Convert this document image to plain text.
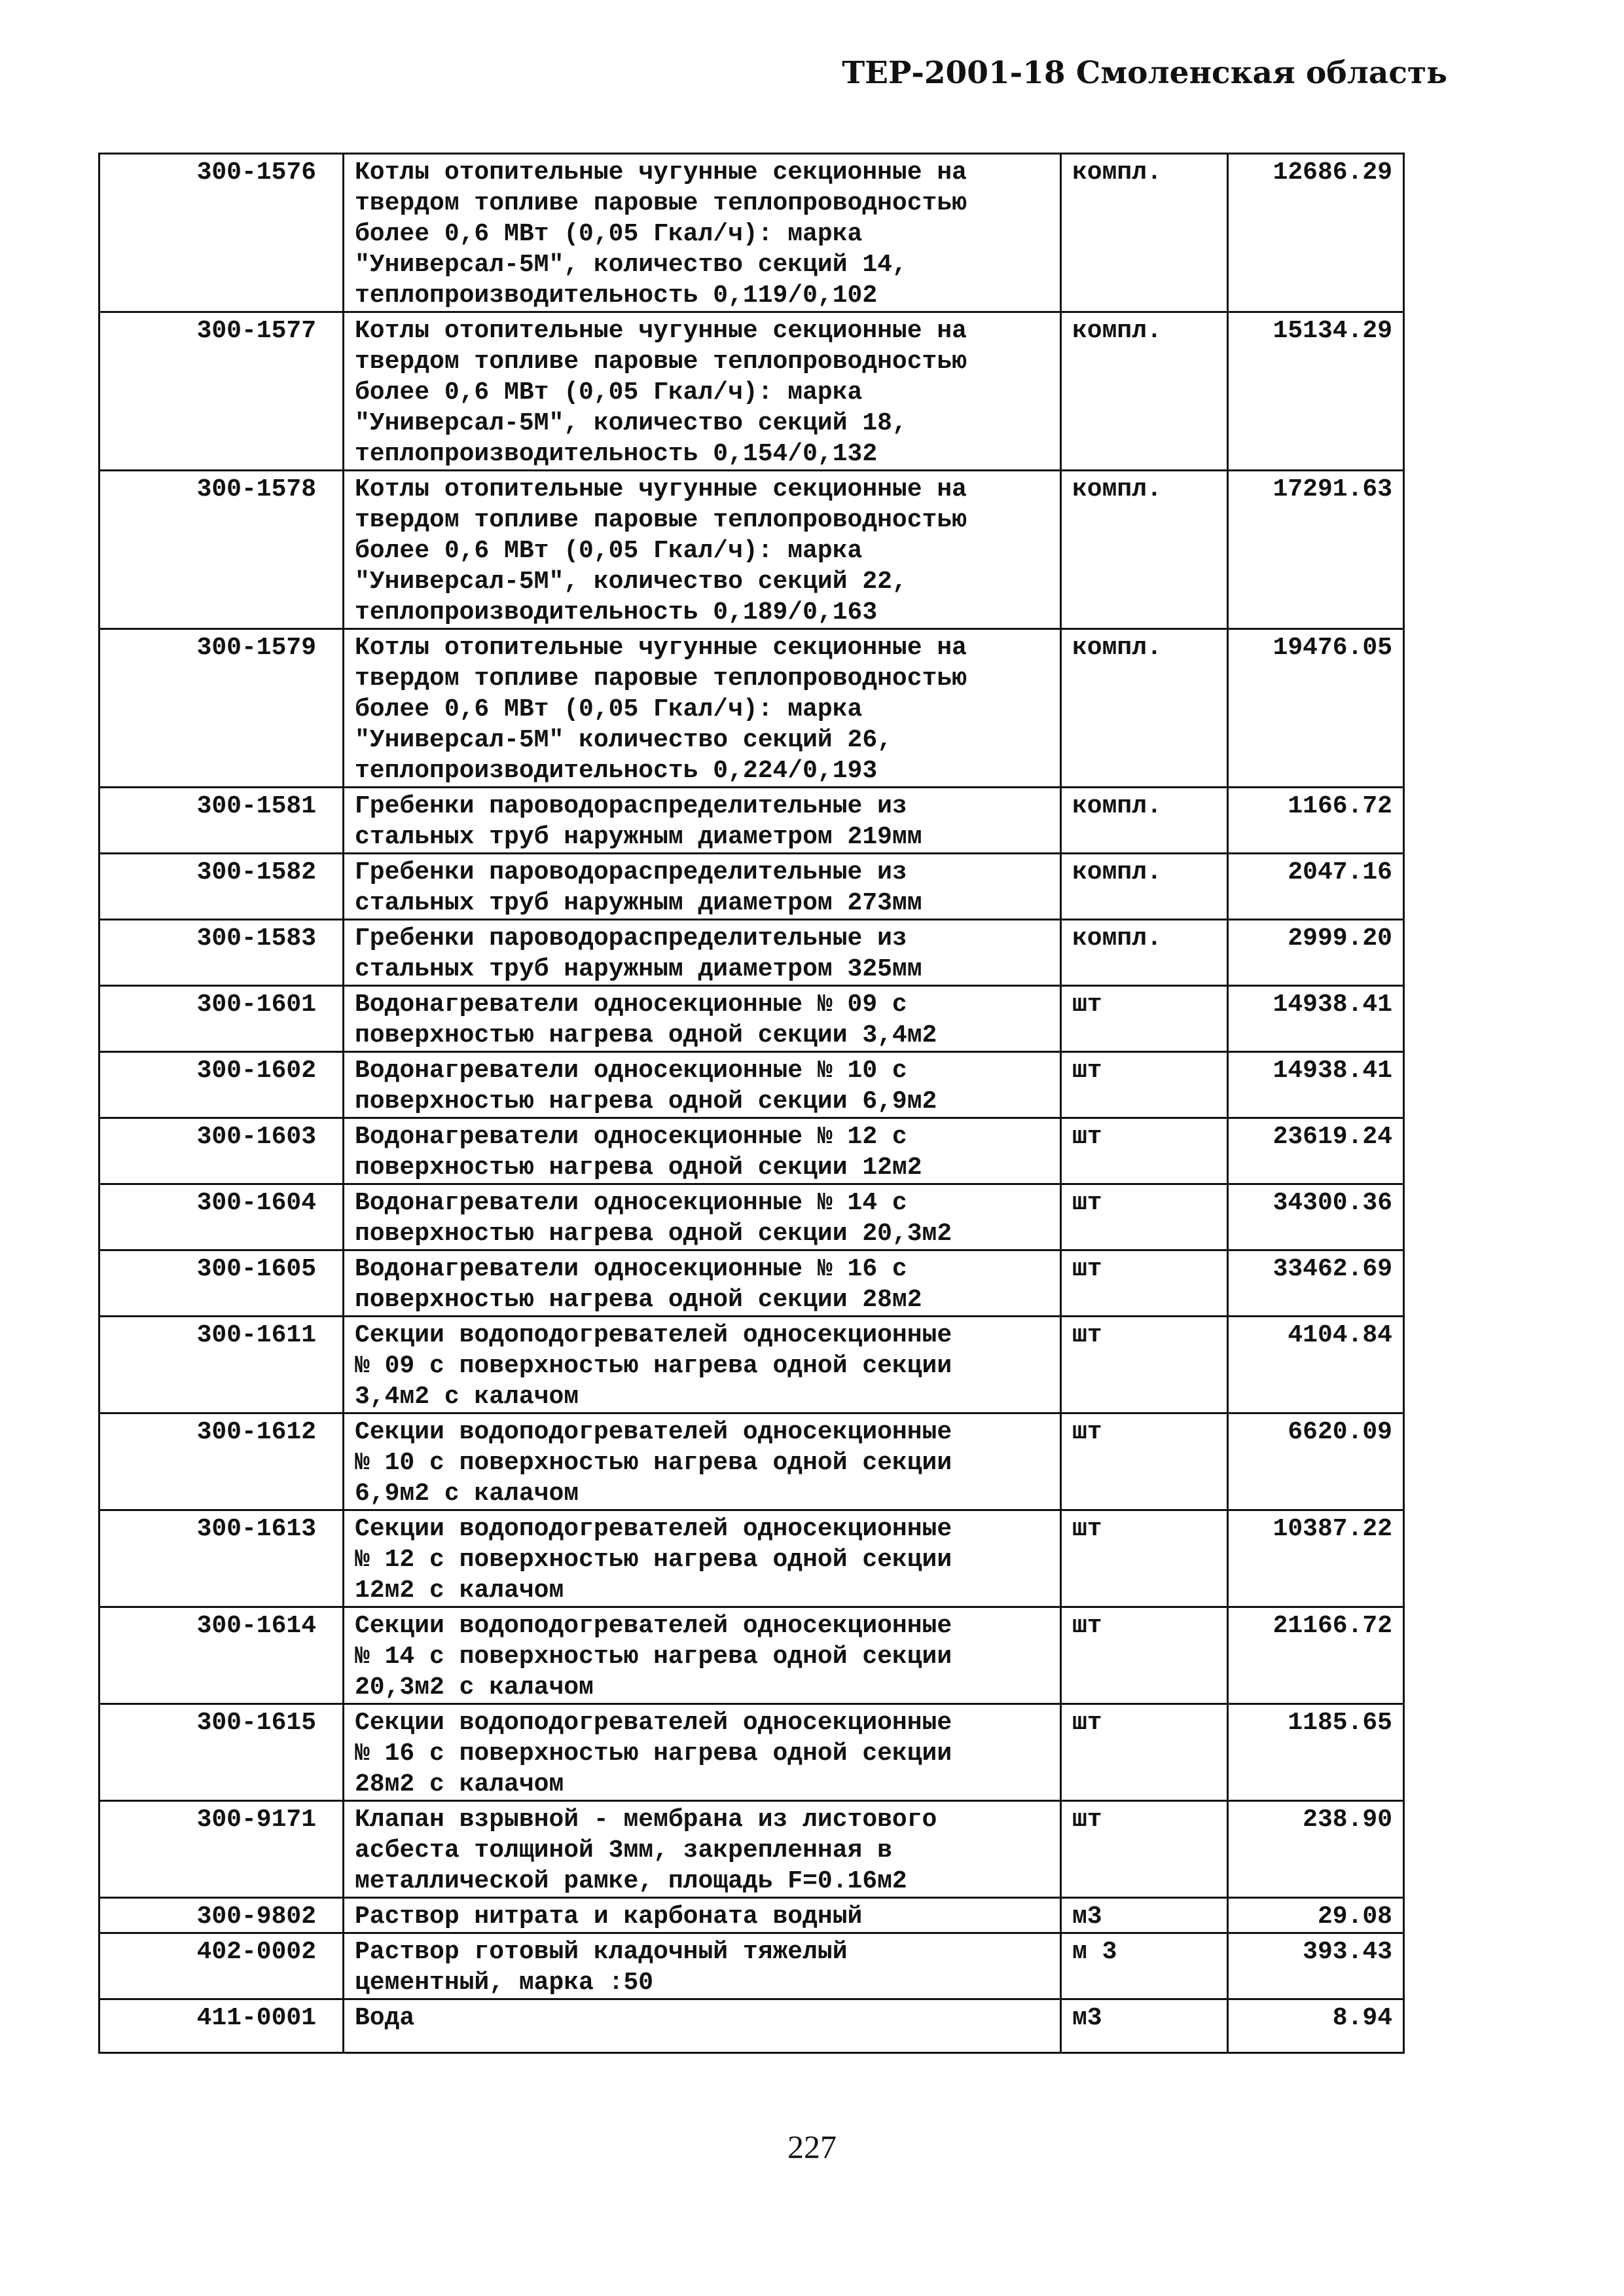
ТЕР-2001-18 Смоленская область
300-1576	Котлы отопительные чугунные секционные на
твердом топливе паровые теплопроводностью
более 0,6 МВт (0,05 Гкал/ч): марка
"Универсал-5М", количество секций 14,
теплопроизводительность 0,119/0,102	компл.	12686.29
300-1577	Котлы отопительные чугунные секционные на
твердом топливе паровые теплопроводностью
более 0,6 МВт (0,05 Гкал/ч): марка
"Универсал-5М", количество секций 18,
теплопроизводительность 0,154/0,132	компл.	15134.29
300-1578	Котлы отопительные чугунные секционные на
твердом топливе паровые теплопроводностью
более 0,6 МВт (0,05 Гкал/ч): марка
"Универсал-5М", количество секций 22,
теплопроизводительность 0,189/0,163	компл.	17291.63
300-1579	Котлы отопительные чугунные секционные на
твердом топливе паровые теплопроводностью
более 0,6 МВт (0,05 Гкал/ч): марка
"Универсал-5М" количество секций 26,
теплопроизводительность 0,224/0,193	компл.	19476.05
300-1581	Гребенки пароводораспределительные из
стальных труб наружным диаметром 219мм	компл.	1166.72
300-1582	Гребенки пароводораспределительные из
стальных труб наружным диаметром 273мм	компл.	2047.16
300-1583	Гребенки пароводораспределительные из
стальных труб наружным диаметром 325мм	компл.	2999.20
300-1601	Водонагреватели односекционные № 09 с
поверхностью нагрева одной секции 3,4м2	шт	14938.41
300-1602	Водонагреватели односекционные № 10 с
поверхностью нагрева одной секции 6,9м2	шт	14938.41
300-1603	Водонагреватели односекционные № 12 с
поверхностью нагрева одной секции 12м2	шт	23619.24
300-1604	Водонагреватели односекционные № 14 с
поверхностью нагрева одной секции 20,3м2	шт	34300.36
300-1605	Водонагреватели односекционные № 16 с
поверхностью нагрева одной секции 28м2	шт	33462.69
300-1611	Секции водоподогревателей односекционные
№ 09 с поверхностью нагрева одной секции
3,4м2 с калачом	шт	4104.84
300-1612	Секции водоподогревателей односекционные
№ 10 с поверхностью нагрева одной секции
6,9м2 с калачом	шт	6620.09
300-1613	Секции водоподогревателей односекционные
№ 12 с поверхностью нагрева одной секции
12м2 с калачом	шт	10387.22
300-1614	Секции водоподогревателей односекционные
№ 14 с поверхностью нагрева одной секции
20,3м2 с калачом	шт	21166.72
300-1615	Секции водоподогревателей односекционные
№ 16 с поверхностью нагрева одной секции
28м2 с калачом	шт	1185.65
300-9171	Клапан взрывной - мембрана из листового
асбеста толщиной 3мм, закрепленная в
металлической рамке, площадь F=0.16м2	шт	238.90
300-9802	Раствор нитрата и карбоната водный	м3	29.08
402-0002	Раствор готовый кладочный тяжелый
цементный, марка :50	м 3	393.43
411-0001	Вода	м3	8.94
227
